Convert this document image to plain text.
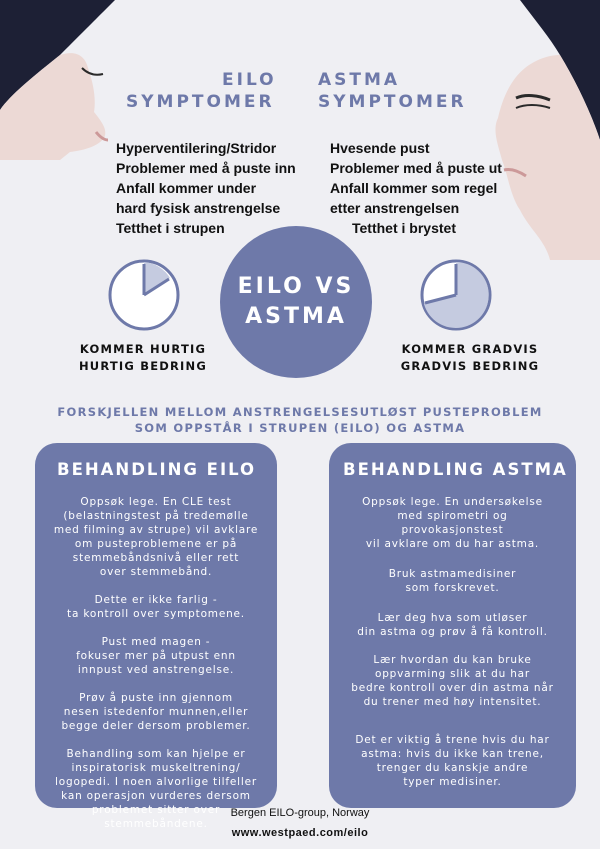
EILO
SYMPTOMER
ASTMA
SYMPTOMER
Hyperventilering/Stridor
Problemer med å puste inn
Anfall kommer under
hard fysisk anstrengelse
Tetthet i strupen
Hvesende pust
Problemer med å puste ut
Anfall kommer som regel
etter anstrengelsen
Tetthet i brystet
EILO VS
ASTMA
KOMMER HURTIG
HURTIG BEDRING
KOMMER GRADVIS
GRADVIS BEDRING
FORSKJELLEN MELLOM ANSTRENGELSESUTLØST PUSTEPROBLEM
SOM OPPSTÅR I STRUPEN (EILO) OG ASTMA
BEHANDLING EILO
Oppsøk lege. En CLE test
(belastningstest på tredemølle
med filming av strupe) vil avklare
om pusteproblemene er på
stemmebåndsnivå eller rett
over stemmebånd.
Dette er ikke farlig -
ta kontroll over symptomene.
Pust med magen -
fokuser mer på utpust enn
innpust ved anstrengelse.
Prøv å puste inn gjennom
nesen istedenfor munnen,eller
begge deler dersom problemer.
Behandling som kan hjelpe er
inspiratorisk muskeltrening/
logopedi. I noen alvorlige tilfeller
kan operasjon vurderes dersom
problemet sitter over
stemmebåndene.
BEHANDLING ASTMA
Oppsøk lege. En undersøkelse
med spirometri og
provokasjonstest
vil avklare om du har astma.
Bruk astmamedisiner
som forskrevet.
Lær deg hva som utløser
din astma og prøv å få kontroll.
Lær hvordan du kan bruke
oppvarming slik at du har
bedre kontroll over din astma når
du trener med høy intensitet.
Det er viktig å trene hvis du har
astma: hvis du ikke kan trene,
trenger du kanskje andre
typer medisiner.
Bergen EILO-group, Norway
www.westpaed.com/eilo
